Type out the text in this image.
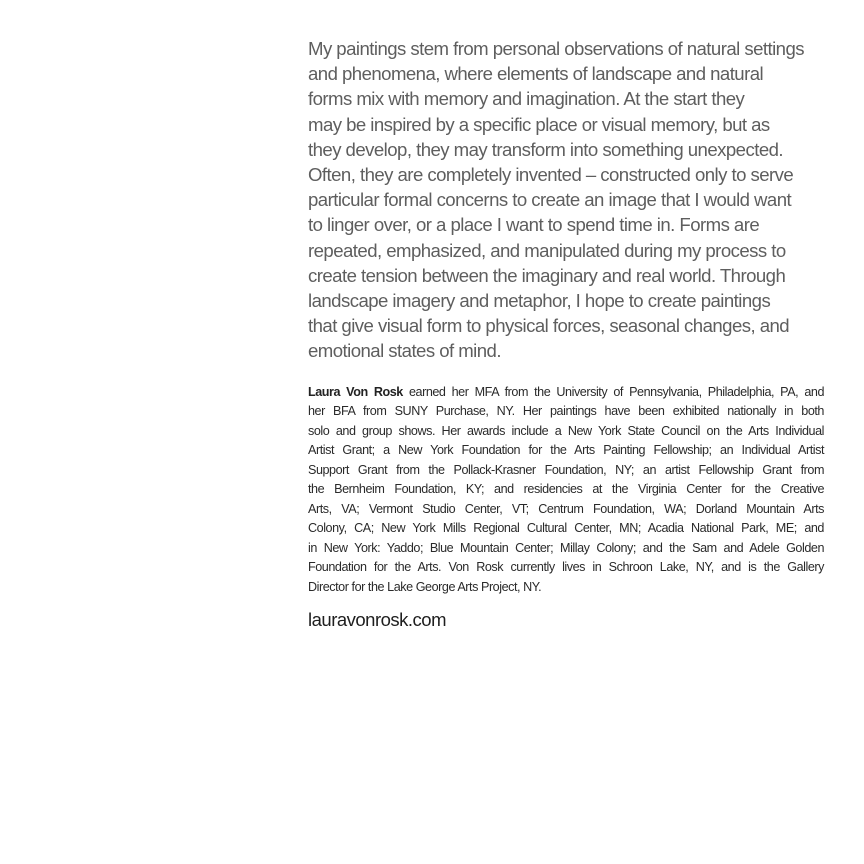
My paintings stem from personal observations of natural settings
and phenomena, where elements of landscape and natural
forms mix with memory and imagination. At the start they
may be inspired by a specific place or visual memory, but as
they develop, they may transform into something unexpected.
Often, they are completely invented – constructed only to serve
particular formal concerns to create an image that I would want
to linger over, or a place I want to spend time in. Forms are
repeated, emphasized, and manipulated during my process to
create tension between the imaginary and real world. Through
landscape imagery and metaphor, I hope to create paintings
that give visual form to physical forces, seasonal changes, and
emotional states of mind.

Laura Von Rosk earned her MFA from the University of Pennsylvania, Philadelphia, PA, and
her BFA from SUNY Purchase, NY. Her paintings have been exhibited nationally in both
solo and group shows. Her awards include a New York State Council on the Arts Individual
Artist Grant; a New York Foundation for the Arts Painting Fellowship; an Individual Artist
Support Grant from the Pollack-Krasner Foundation, NY; an artist Fellowship Grant from
the Bernheim Foundation, KY; and residencies at the Virginia Center for the Creative
Arts, VA; Vermont Studio Center, VT; Centrum Foundation, WA; Dorland Mountain Arts
Colony, CA; New York Mills Regional Cultural Center, MN; Acadia National Park, ME; and
in New York: Yaddo; Blue Mountain Center; Millay Colony; and the Sam and Adele Golden
Foundation for the Arts. Von Rosk currently lives in Schroon Lake, NY, and is the Gallery
Director for the Lake George Arts Project, NY.
lauravonrosk.com
